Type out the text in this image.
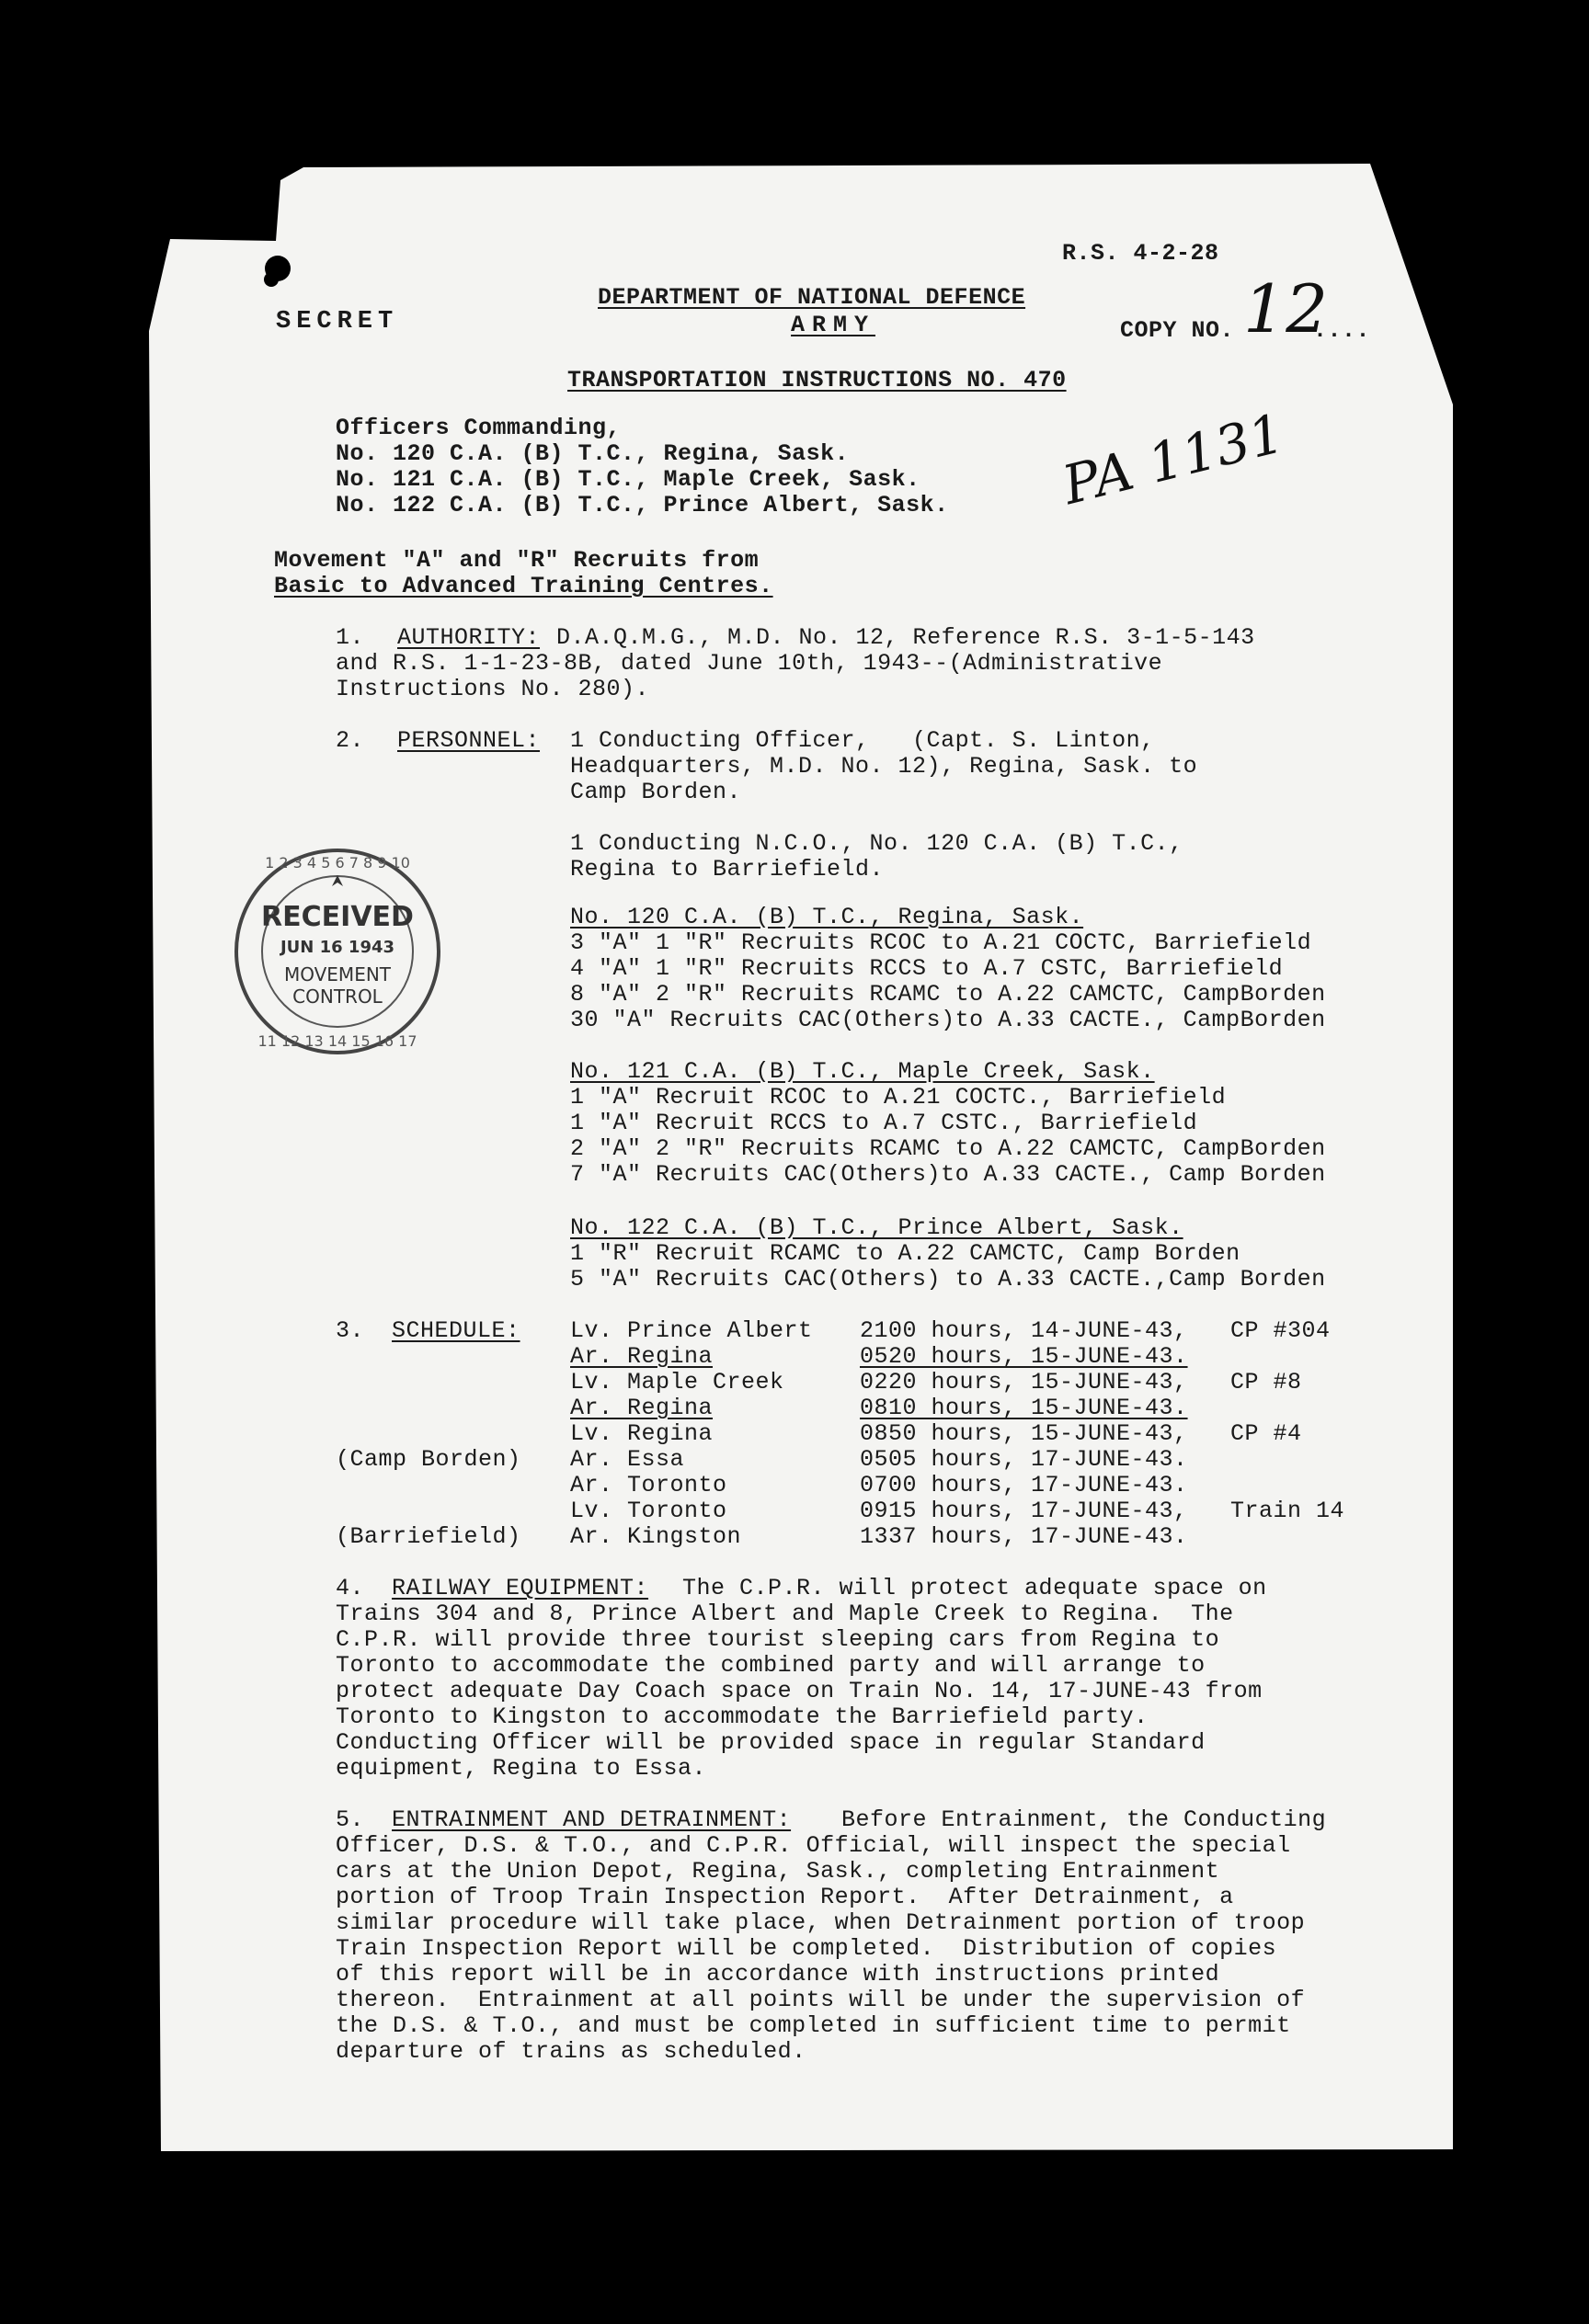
R.S. 4-2-28
SECRET
DEPARTMENT OF NATIONAL DEFENCE
ARMY	COPY NO. 12
....
TRANSPORTATION INSTRUCTIONS NO. 470
Officers Commanding,
No. 120 C.A. (B) T.C., Regina, Sask.
No. 121 C.A. (B) T.C., Maple Creek, Sask.
No. 122 C.A. (B) T.C., Prince Albert, Sask. PA 1131
Movement "A" and "R" Recruits from
Basic to Advanced Training Centres.
1. AUTHORITY: D.A.Q.M.G., M.D. No. 12, Reference R.S. 3-1-5-143
and R.S. 1-1-23-8B, dated June 10th, 1943--(Administrative
Instructions No. 280).
2. PERSONNEL: 1 Conducting Officer,   (Capt. S. Linton,
Headquarters, M.D. No. 12), Regina, Sask. to
Camp Borden.
1 Conducting N.C.O., No. 120 C.A. (B) T.C.,
Regina to Barriefield.
No. 120 C.A. (B) T.C., Regina, Sask.
3 "A" 1 "R" Recruits RCOC to A.21 COCTC, Barriefield
4 "A" 1 "R" Recruits RCCS to A.7 CSTC, Barriefield
8 "A" 2 "R" Recruits RCAMC to A.22 CAMCTC, CampBorden
30 "A" Recruits CAC(Others)to A.33 CACTE., CampBorden
No. 121 C.A. (B) T.C., Maple Creek, Sask.
1 "A" Recruit RCOC to A.21 COCTC., Barriefield
1 "A" Recruit RCCS to A.7 CSTC., Barriefield
2 "A" 2 "R" Recruits RCAMC to A.22 CAMCTC, CampBorden
7 "A" Recruits CAC(Others)to A.33 CACTE., Camp Borden
No. 122 C.A. (B) T.C., Prince Albert, Sask.
1 "R" Recruit RCAMC to A.22 CAMCTC, Camp Borden
5 "A" Recruits CAC(Others) to A.33 CACTE.,Camp Borden
3. SCHEDULE: Lv. Prince Albert 2100 hours, 14-JUNE-43, CP #304
Ar. Regina	0520 hours, 15-JUNE-43.
Lv. Maple Creek	0220 hours, 15-JUNE-43, CP #8
Ar. Regina	0810 hours, 15-JUNE-43.
Lv. Regina	0850 hours, 15-JUNE-43, CP #4
(Camp Borden) Ar. Essa	0505 hours, 17-JUNE-43.
Ar. Toronto	0700 hours, 17-JUNE-43.
Lv. Toronto	0915 hours, 17-JUNE-43, Train 14
(Barriefield) Ar. Kingston	1337 hours, 17-JUNE-43.
4. RAILWAY EQUIPMENT: The C.P.R. will protect adequate space on
Trains 304 and 8, Prince Albert and Maple Creek to Regina.  The
C.P.R. will provide three tourist sleeping cars from Regina to
Toronto to accommodate the combined party and will arrange to
protect adequate Day Coach space on Train No. 14, 17-JUNE-43 from
Toronto to Kingston to accommodate the Barriefield party.
Conducting Officer will be provided space in regular Standard
equipment, Regina to Essa.
5. ENTRAINMENT AND DETRAINMENT: Before Entrainment, the Conducting
Officer, D.S. & T.O., and C.P.R. Official, will inspect the special
cars at the Union Depot, Regina, Sask., completing Entrainment
portion of Troop Train Inspection Report.  After Detrainment, a
similar procedure will take place, when Detrainment portion of troop
Train Inspection Report will be completed.  Distribution of copies
of this report will be in accordance with instructions printed
thereon.  Entrainment at all points will be under the supervision of
the D.S. & T.O., and must be completed in sufficient time to permit
departure of trains as scheduled.
1 2 3 4 5 6 7 8 9 10
11 12 13 14 15 16 17
RECEIVED
JUN 16 1943
MOVEMENT
CONTROL
